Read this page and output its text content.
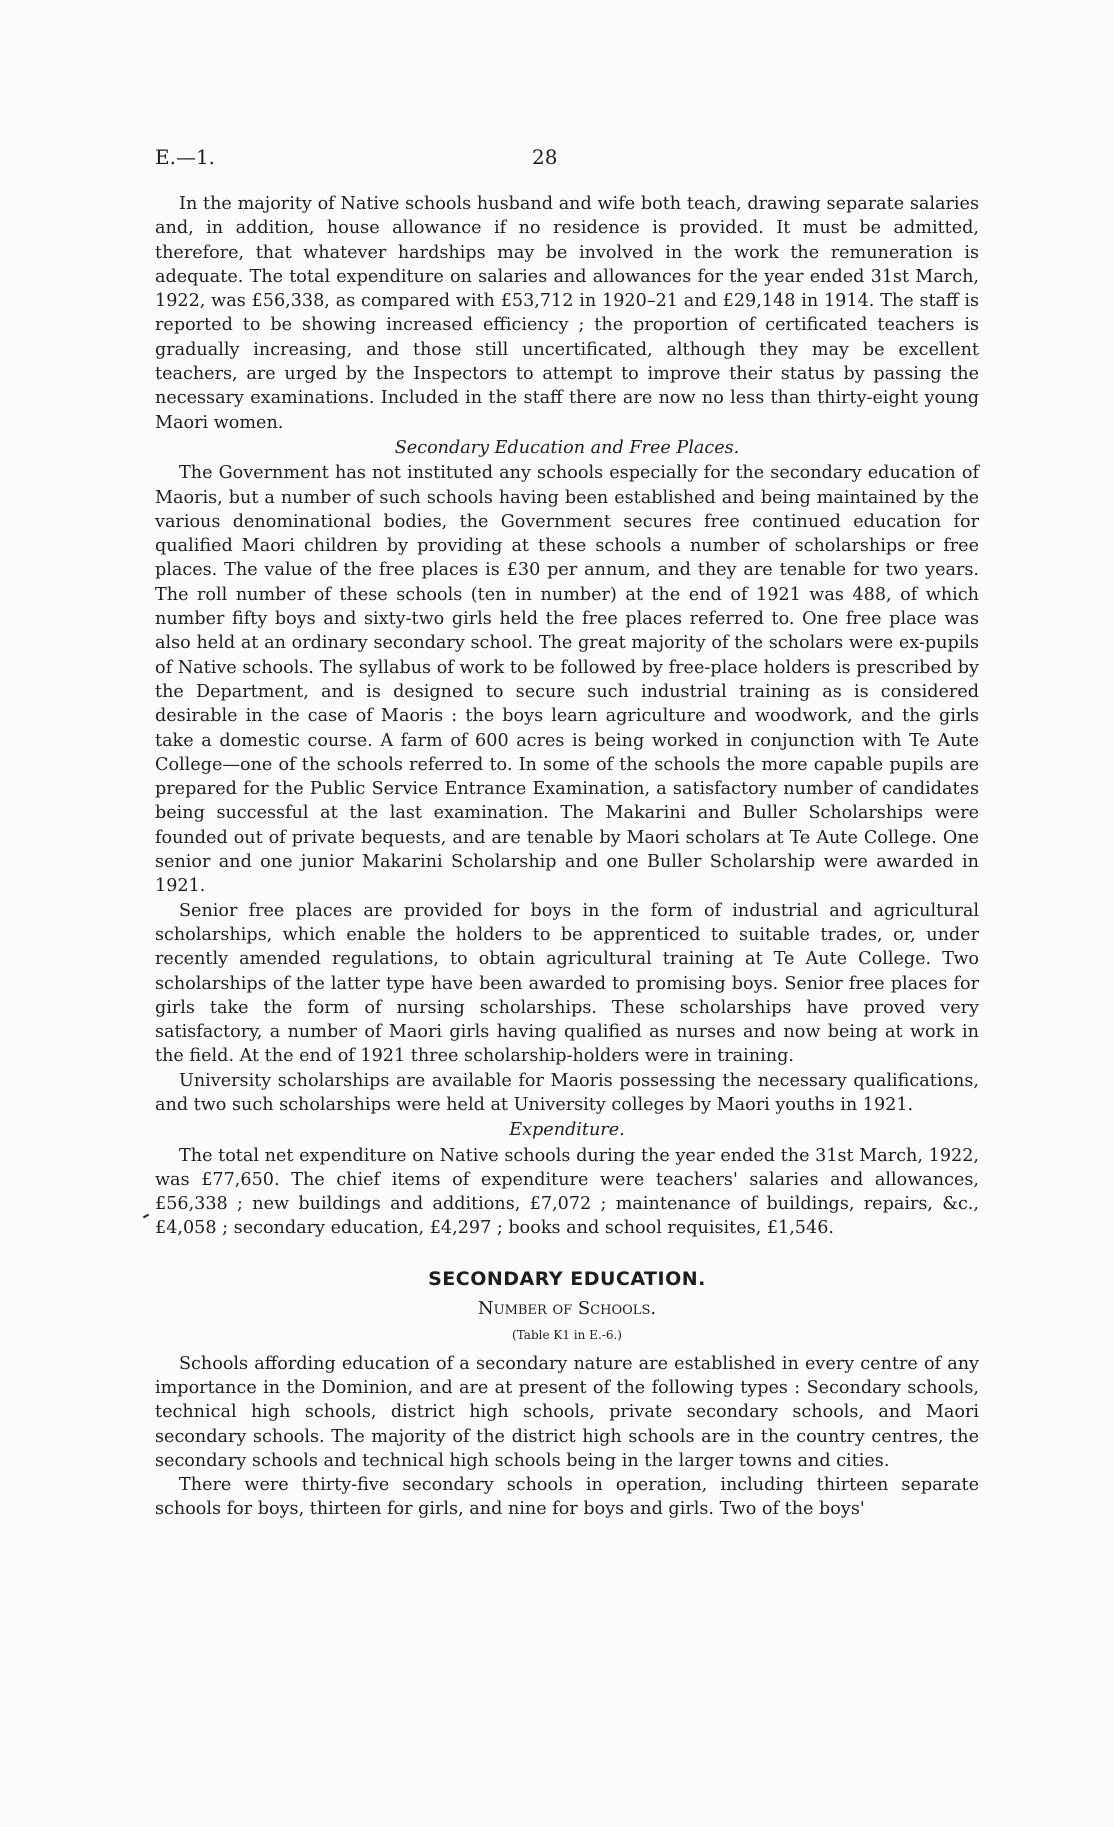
E.—1.	28

In the majority of Native schools husband and wife both teach, drawing separate salaries and, in addition, house allowance if no residence is provided. It must be admitted, therefore, that whatever hardships may be involved in the work the remuneration is adequate. The total expenditure on salaries and allowances for the year ended 31st March, 1922, was £56,338, as compared with £53,712 in 1920–21 and £29,148 in 1914. The staff is reported to be showing increased efficiency ; the proportion of certificated teachers is gradually increasing, and those still uncertificated, although they may be excellent teachers, are urged by the Inspectors to attempt to improve their status by passing the necessary examinations. Included in the staff there are now no less than thirty-eight young Maori women.

Secondary Education and Free Places.

The Government has not instituted any schools especially for the secondary education of Maoris, but a number of such schools having been established and being maintained by the various denominational bodies, the Government secures free continued education for qualified Maori children by providing at these schools a number of scholarships or free places. The value of the free places is £30 per annum, and they are tenable for two years. The roll number of these schools (ten in number) at the end of 1921 was 488, of which number fifty boys and sixty-two girls held the free places referred to. One free place was also held at an ordinary secondary school. The great majority of the scholars were ex-pupils of Native schools. The syllabus of work to be followed by free-place holders is prescribed by the Department, and is designed to secure such industrial training as is considered desirable in the case of Maoris : the boys learn agriculture and woodwork, and the girls take a domestic course. A farm of 600 acres is being worked in conjunction with Te Aute College—one of the schools referred to. In some of the schools the more capable pupils are prepared for the Public Service Entrance Examination, a satisfactory number of candidates being successful at the last examination. The Makarini and Buller Scholarships were founded out of private bequests, and are tenable by Maori scholars at Te Aute College. One senior and one junior Makarini Scholarship and one Buller Scholarship were awarded in 1921.

Senior free places are provided for boys in the form of industrial and agricultural scholarships, which enable the holders to be apprenticed to suitable trades, or, under recently amended regulations, to obtain agricultural training at Te Aute College. Two scholarships of the latter type have been awarded to promising boys. Senior free places for girls take the form of nursing scholarships. These scholarships have proved very satisfactory, a number of Maori girls having qualified as nurses and now being at work in the field. At the end of 1921 three scholarship-holders were in training.

University scholarships are available for Maoris possessing the necessary qualifications, and two such scholarships were held at University colleges by Maori youths in 1921.

Expenditure.

The total net expenditure on Native schools during the year ended the 31st March, 1922, was £77,650. The chief items of expenditure were teachers' salaries and allowances, £56,338 ; new buildings and additions, £7,072 ; maintenance of buildings, repairs, &c., £4,058 ; secondary education, £4,297 ; books and school requisites, £1,546.

SECONDARY EDUCATION.
Number of Schools.
(Table K1 in E.-6.)

Schools affording education of a secondary nature are established in every centre of any importance in the Dominion, and are at present of the following types : Secondary schools, technical high schools, district high schools, private secondary schools, and Maori secondary schools. The majority of the district high schools are in the country centres, the secondary schools and technical high schools being in the larger towns and cities.

There were thirty-five secondary schools in operation, including thirteen separate schools for boys, thirteen for girls, and nine for boys and girls. Two of the boys'
